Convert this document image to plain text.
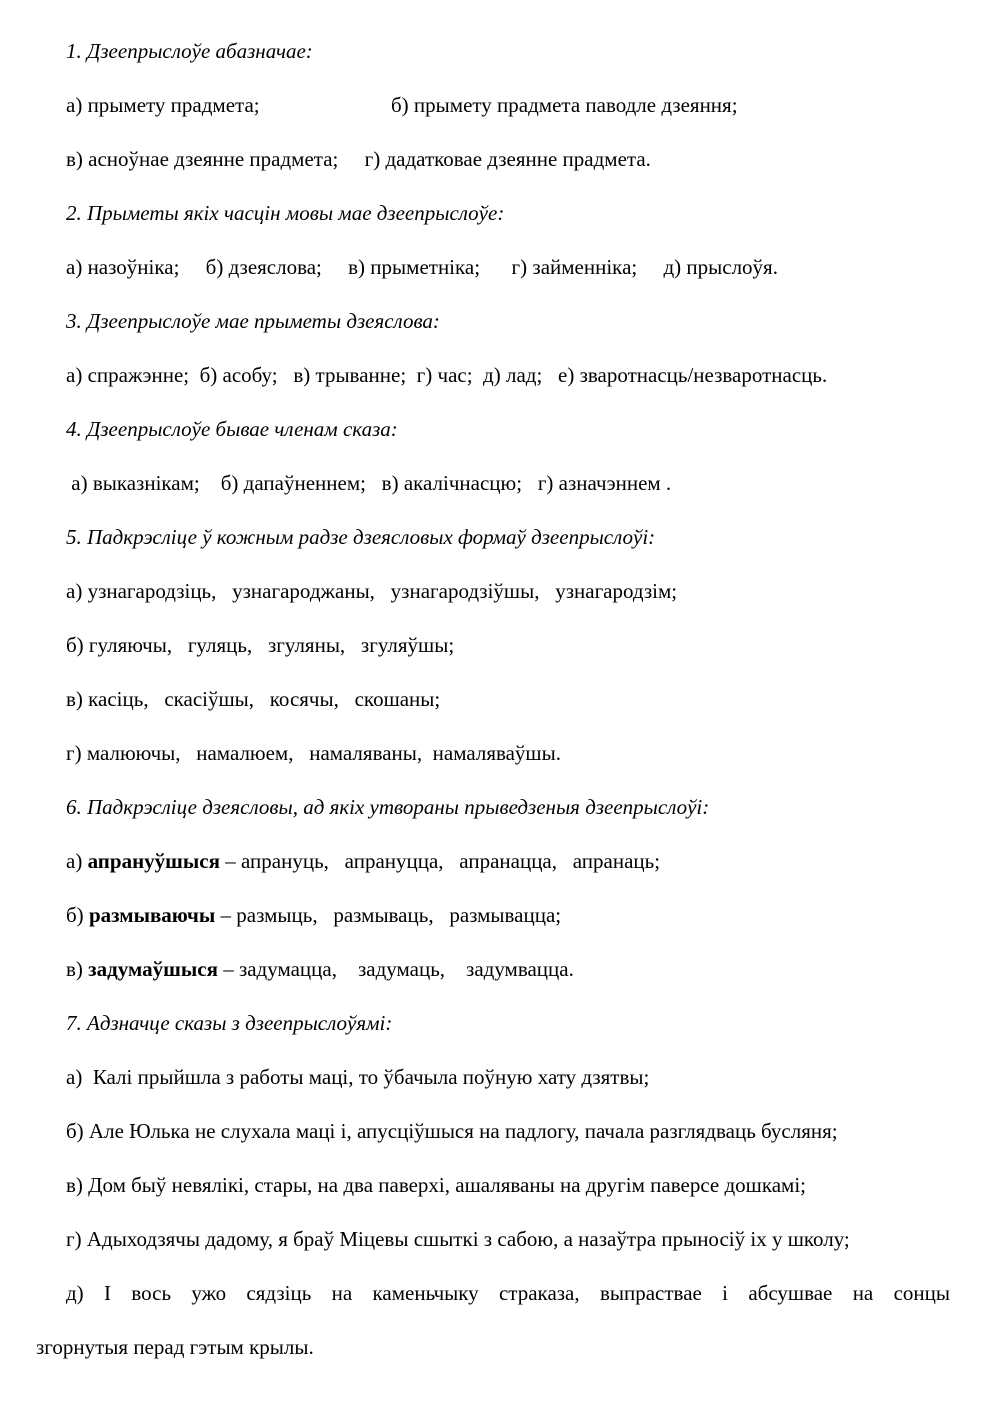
1. Дзеепрыслоўе абазначае:
а) прымету прадмета;	б) прымету прадмета паводле дзеяння;
в) асноўнае дзеянне прадмета;     г) дадатковае дзеянне прадмета.
2. Прыметы якіх часцін мовы мае дзеепрыслоўе:
а) назоўніка;     б) дзеяслова;     в) прыметніка;      г) займенніка;     д) прыслоўя.
3. Дзеепрыслоўе мае прыметы дзеяслова:
а) спражэнне;  б) асобу;   в) трыванне;  г) час;  д) лад;   е) зваротнасць/незваротнасць.
4. Дзеепрыслоўе бывае членам сказа:
а) выказнікам;    б) дапаўненнем;   в) акалічнасцю;   г) азначэннем .
5. Падкрэсліце ў кожным радзе дзеясловых формаў дзеепрыслоўі:
а) узнагародзіць,   узнагароджаны,   узнагародзіўшы,   узнагародзім;
б) гуляючы,   гуляць,   згуляны,   згуляўшы;
в) касіць,   скасіўшы,   косячы,   скошаны;
г) малюючы,   намалюем,   намаляваны,  намаляваўшы.
6. Падкрэсліце дзеясловы, ад якіх утвораны прыведзеныя дзеепрыслоўі:
а) апрануўшыся – апрануць,   апрануцца,   апранацца,   апранаць;
б) размываючы – размыць,   размываць,   размывацца;
в) задумаўшыся – задумацца,    задумаць,    задумвацца.
7. Адзначце сказы з дзеепрыслоўямі:
а)  Калі прыйшла з работы маці, то ўбачыла поўную хату дзятвы;
б) Але Юлька не слухала маці і, апусціўшыся на падлогу, пачала разглядваць бусляня;
в) Дом быў невялікі, стары, на два паверхі, ашаляваны на другім паверсе дошкамі;
г) Адыходзячы дадому, я браў Міцевы сшыткі з сабою, а назаўтра прыносіў іх у школу;
д) І вось ужо сядзіць на каменьчыку страказа, выпраствае і абсушвае на сонцы
згорнутыя перад гэтым крылы.
